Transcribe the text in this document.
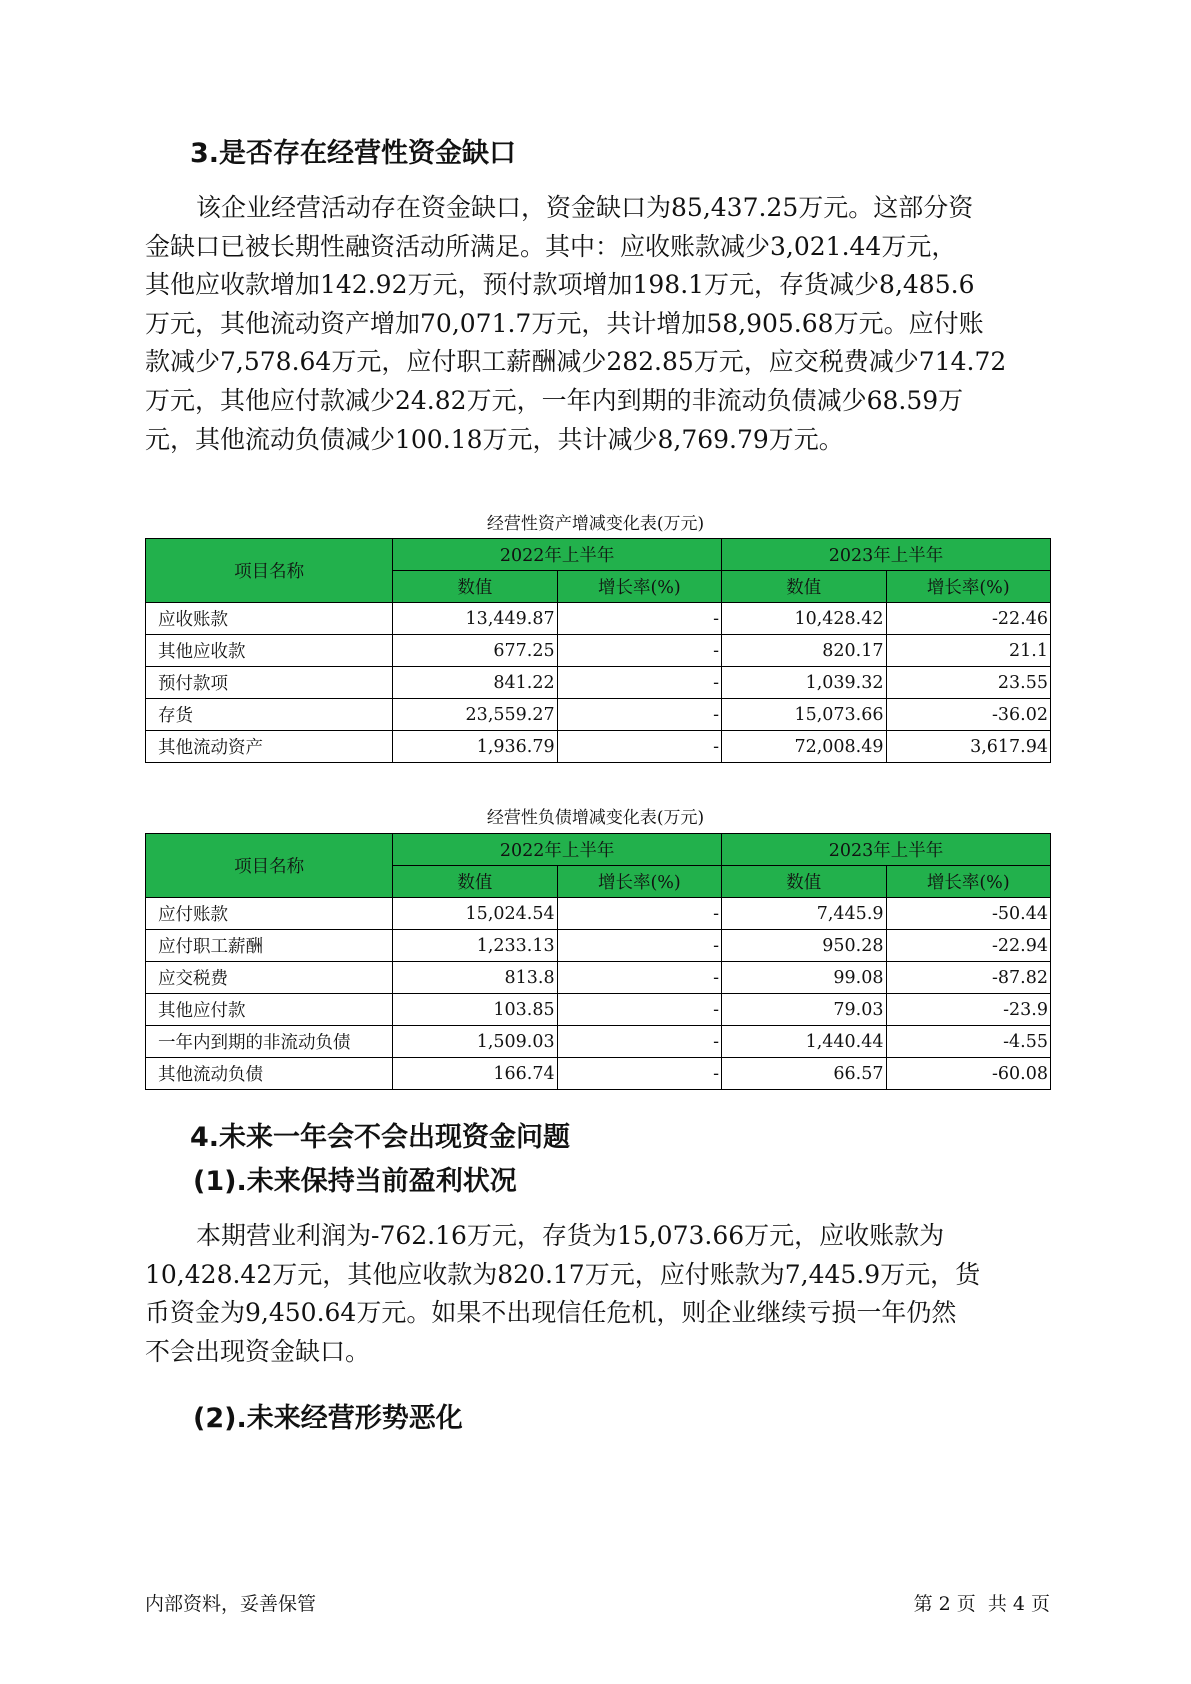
3.是否存在经营性资金缺口

该企业经营活动存在资金缺口，资金缺口为85,437.25万元。这部分资
金缺口已被长期性融资活动所满足。其中：应收账款减少3,021.44万元，
其他应收款增加142.92万元，预付款项增加198.1万元，存货减少8,485.6
万元，其他流动资产增加70,071.7万元，共计增加58,905.68万元。应付账
款减少7,578.64万元，应付职工薪酬减少282.85万元，应交税费减少714.72
万元，其他应付款减少24.82万元，一年内到期的非流动负债减少68.59万
元，其他流动负债减少100.18万元，共计减少8,769.79万元。

经营性资产增减变化表(万元)
项目名称	2022年上半年		2023年上半年	
	数值	增长率(%)	数值	增长率(%)
应收账款	13,449.87	-	10,428.42	-22.46
其他应收款	677.25	-	820.17	21.1
预付款项	841.22	-	1,039.32	23.55
存货	23,559.27	-	15,073.66	-36.02
其他流动资产	1,936.79	-	72,008.49	3,617.94
经营性负债增减变化表(万元)
项目名称	2022年上半年		2023年上半年	
	数值	增长率(%)	数值	增长率(%)
应付账款	15,024.54	-	7,445.9	-50.44
应付职工薪酬	1,233.13	-	950.28	-22.94
应交税费	813.8	-	99.08	-87.82
其他应付款	103.85	-	79.03	-23.9
一年内到期的非流动负债	1,509.03	-	1,440.44	-4.55
其他流动负债	166.74	-	66.57	-60.08
4.未来一年会不会出现资金问题
(1).未来保持当前盈利状况

本期营业利润为-762.16万元，存货为15,073.66万元，应收账款为
10,428.42万元，其他应收款为820.17万元，应付账款为7,445.9万元，货
币资金为9,450.64万元。如果不出现信任危机，则企业继续亏损一年仍然
不会出现资金缺口。

(2).未来经营形势恶化
内部资料，妥善保管	第 2 页  共 4 页
